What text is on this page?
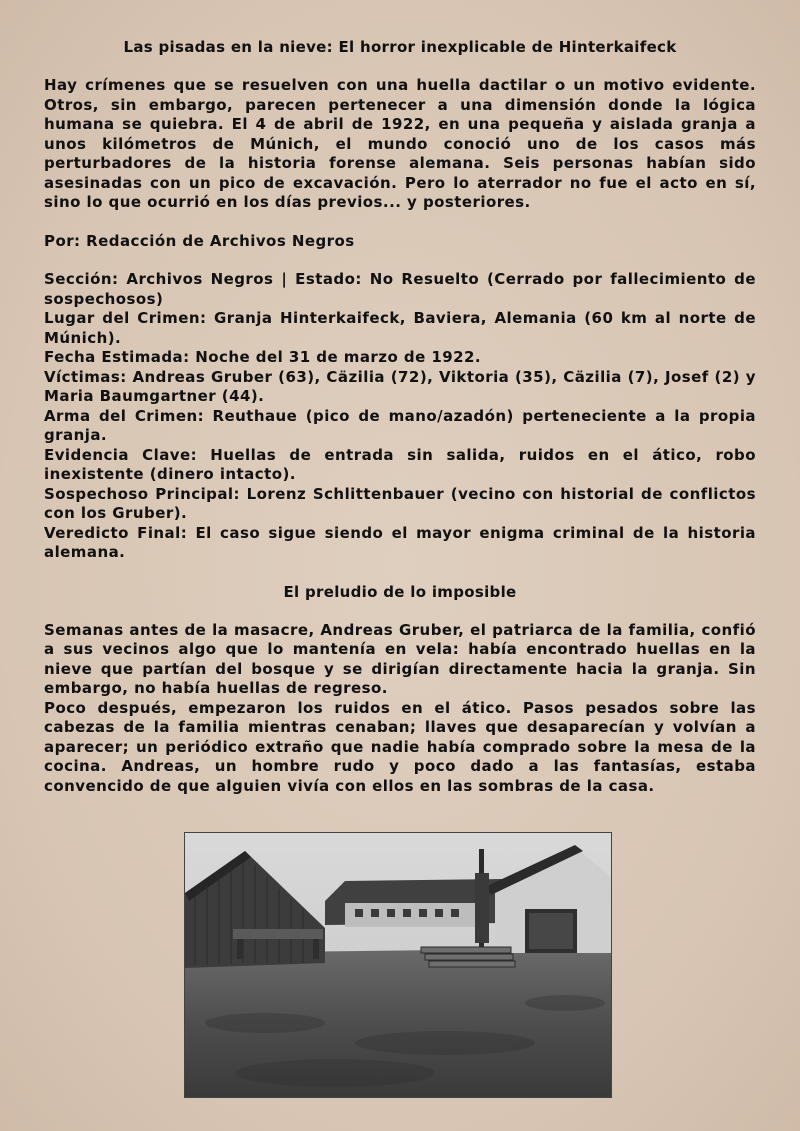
Las pisadas en la nieve: El horror inexplicable de Hinterkaifeck

Hay crímenes que se resuelven con una huella dactilar o un motivo evidente. Otros, sin embargo, parecen pertenecer a una dimensión donde la lógica humana se quiebra. El 4 de abril de 1922, en una pequeña y aislada granja a unos kilómetros de Múnich, el mundo conoció uno de los casos más perturbadores de la historia forense alemana. Seis personas habían sido asesinadas con un pico de excavación. Pero lo aterrador no fue el acto en sí, sino lo que ocurrió en los días previos... y posteriores.

Por: Redacción de Archivos Negros

Sección: Archivos Negros | Estado: No Resuelto (Cerrado por fallecimiento de sospechosos)

Lugar del Crimen: Granja Hinterkaifeck, Baviera, Alemania (60 km al norte de Múnich).

Fecha Estimada: Noche del 31 de marzo de 1922.

Víctimas: Andreas Gruber (63), Cäzilia (72), Viktoria (35), Cäzilia (7), Josef (2) y Maria Baumgartner (44).

Arma del Crimen: Reuthaue (pico de mano/azadón) perteneciente a la propia granja.

Evidencia Clave: Huellas de entrada sin salida, ruidos en el ático, robo inexistente (dinero intacto).

Sospechoso Principal: Lorenz Schlittenbauer (vecino con historial de conflictos con los Gruber).

Veredicto Final: El caso sigue siendo el mayor enigma criminal de la historia alemana.

El preludio de lo imposible

Semanas antes de la masacre, Andreas Gruber, el patriarca de la familia, confió a sus vecinos algo que lo mantenía en vela: había encontrado huellas en la nieve que partían del bosque y se dirigían directamente hacia la granja. Sin embargo, no había huellas de regreso.

Poco después, empezaron los ruidos en el ático. Pasos pesados sobre las cabezas de la familia mientras cenaban; llaves que desaparecían y volvían a aparecer; un periódico extraño que nadie había comprado sobre la mesa de la cocina. Andreas, un hombre rudo y poco dado a las fantasías, estaba convencido de que alguien vivía con ellos en las sombras de la casa.
